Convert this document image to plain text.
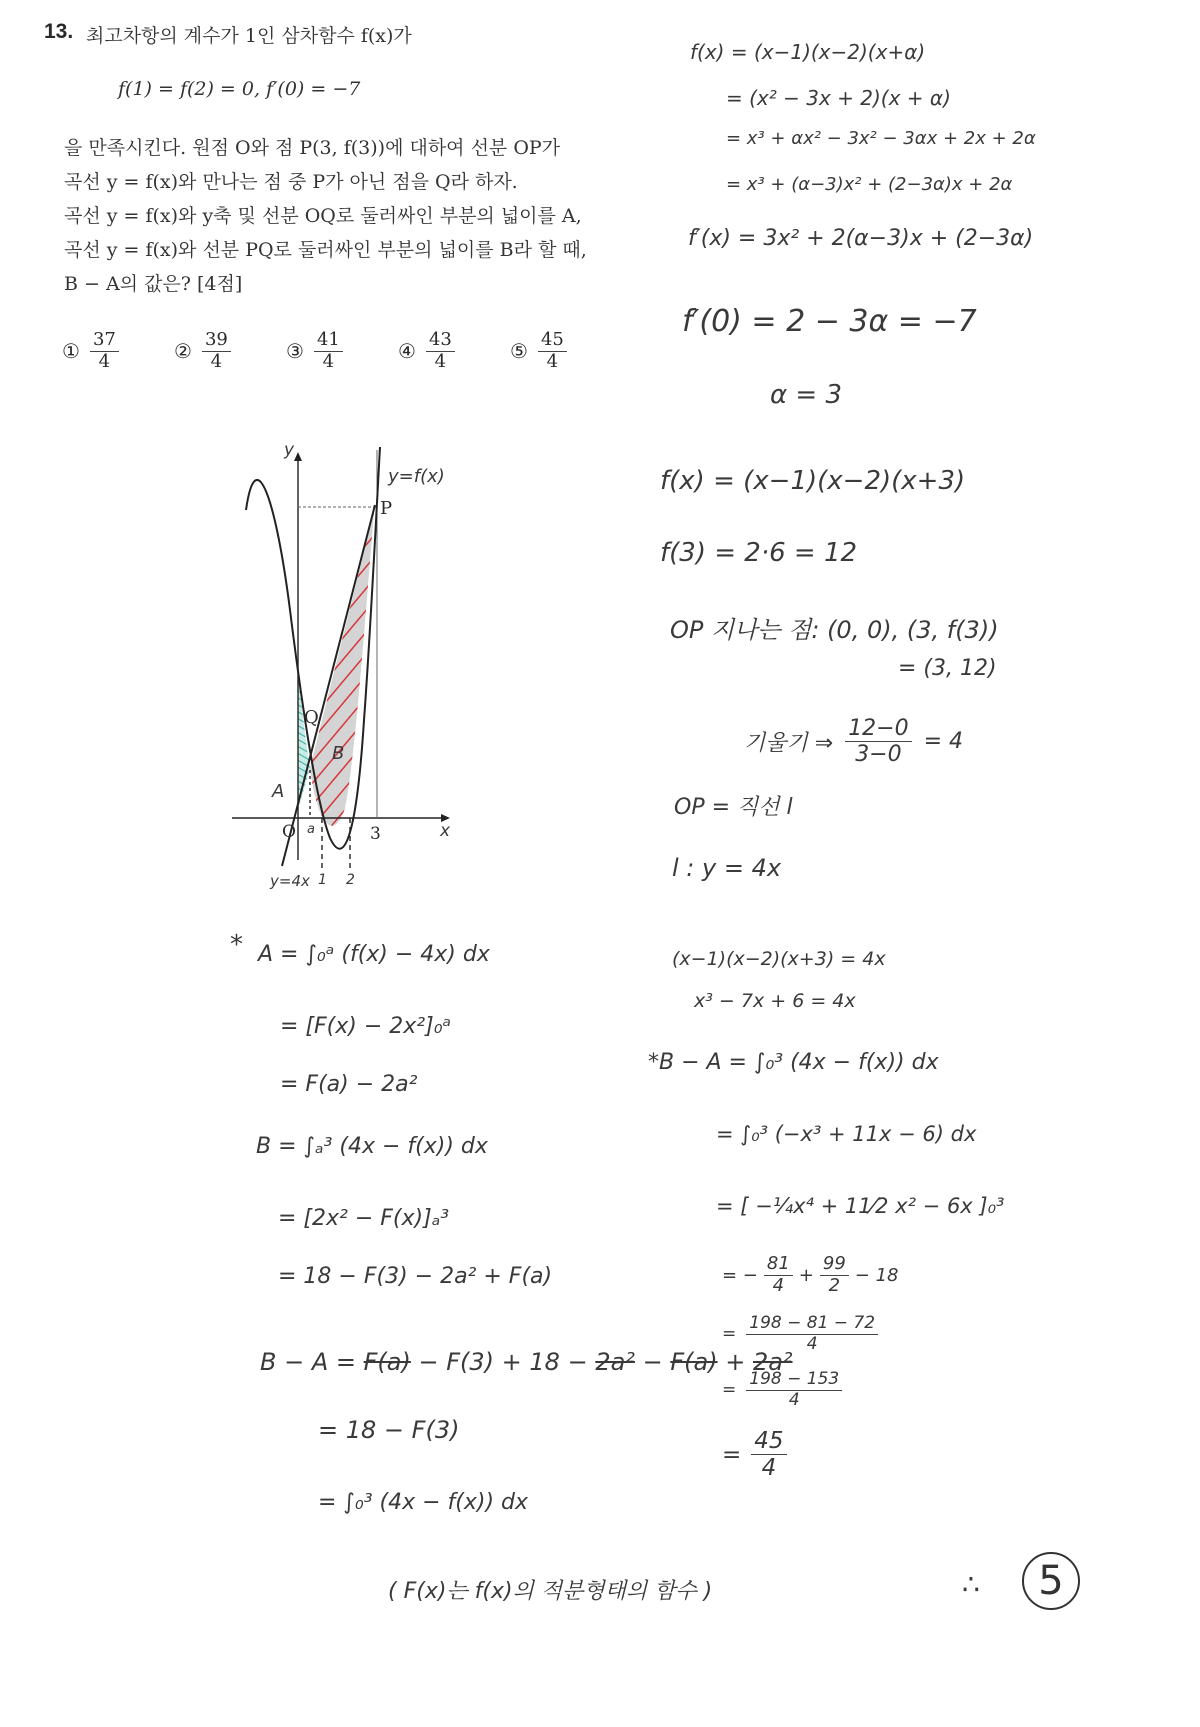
13. 최고차항의 계수가 1인 삼차함수 f(x)가
f(1) = f(2) = 0, f′(0) = −7
을 만족시킨다. 원점 O와 점 P(3, f(3))에 대하여 선분 OP가
곡선 y = f(x)와 만나는 점 중 P가 아닌 점을 Q라 하자.
곡선 y = f(x)와 y축 및 선분 OQ로 둘러싸인 부분의 넓이를 A,
곡선 y = f(x)와 선분 PQ로 둘러싸인 부분의 넓이를 B라 할 때,
B − A의 값은? [4점]
① $\frac{37}{4}$	② $\frac{39}{4}$	③ $\frac{41}{4}$	④ $\frac{43}{4}$	⑤ $\frac{45}{4}$
y
x
y=f(x)
P
Q
A
B
O a	3
1 2
y=4x
* A = ∫₀ᵃ (f(x) − 4x) dx
= [F(x) − 2x²]₀ᵃ
= F(a) − 2a²
B = ∫ₐ³ (4x − f(x)) dx
= [2x² − F(x)]ₐ³
= 18 − F(3) − 2a² + F(a)
B − A = F(a) − F(3) + 18 − 2a² − F(a) + 2a²
= 18 − F(3)
= ∫₀³ (4x − f(x)) dx
( F(x)는 f(x)의 적분형태의 함수 )
f(x) = (x−1)(x−2)(x+α)
= (x² − 3x + 2)(x + α)
= x³ + αx² − 3x² − 3αx + 2x + 2α
= x³ + (α−3)x² + (2−3α)x + 2α
f′(x) = 3x² + 2(α−3)x + (2−3α)
f′(0) = 2 − 3α = −7
α = 3
f(x) = (x−1)(x−2)(x+3)
f(3) = 2·6 = 12
OP 지나는 점: (0, 0), (3, f(3))
= (3, 12)
기울기 ⇒ $\frac{12-0}{3-0} = 4$
OP = 직선 l
l : y = 4x
(x−1)(x−2)(x+3) = 4x
x³ − 7x + 6 = 4x
*B − A = ∫₀³ (4x − f(x)) dx
= ∫₀³ (−x³ + 11x − 6) dx
= [ −¼x⁴ + 11⁄2 x² − 6x ]₀³
= − $\frac{81}{4} + \frac{99}{2} - 18$
= $\frac{198 - 81 - 72}{4}$
= $\frac{198 - 153}{4}$
= $\frac{45}{4}$
∴	5
